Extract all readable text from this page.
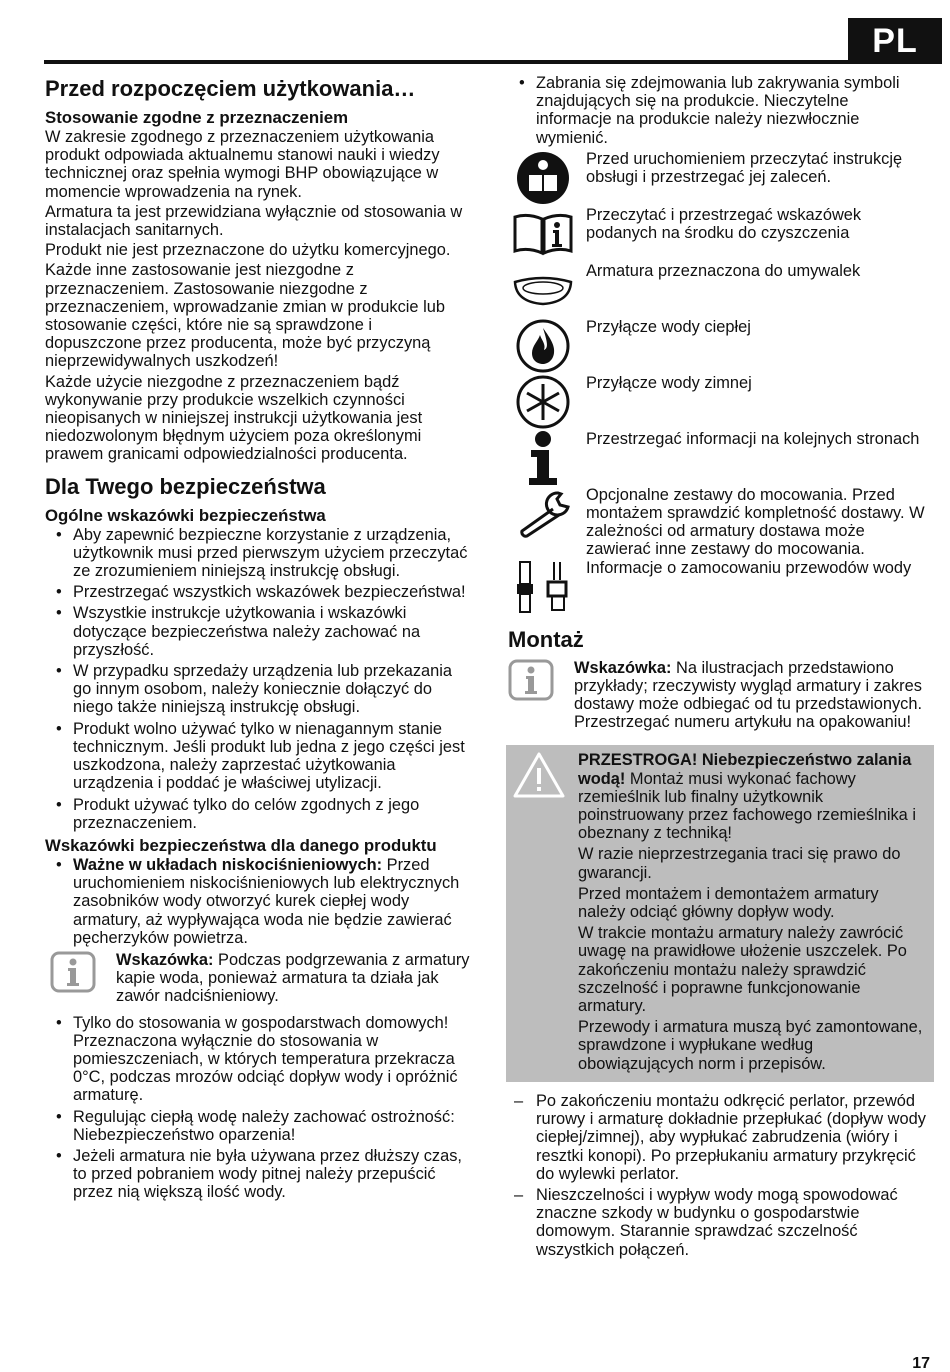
PL
Przed rozpoczęciem użytkowania…
Stosowanie zgodne z przeznaczeniem

W zakresie zgodnego z przeznaczeniem użytkowania produkt odpowiada aktualnemu stanowi nauki i wiedzy technicznej oraz spełnia wymogi BHP obowiązujące w momencie wprowadzenia na rynek.

Armatura ta jest przewidziana wyłącznie od stosowania w instalacjach sanitarnych.

Produkt nie jest przeznaczone do użytku komercyjnego.

Każde inne zastosowanie jest niezgodne z przeznaczeniem. Zastosowanie niezgodne z przeznaczeniem, wprowadzanie zmian w produkcie lub stosowanie części, które nie są sprawdzone i dopuszczone przez producenta, może być przyczyną nieprzewidywalnych uszkodzeń!

Każde użycie niezgodne z przeznaczeniem bądź wykonywanie przy produkcie wszelkich czynności nieopisanych w niniejszej instrukcji użytkowania jest niedozwolonym błędnym użyciem poza określonymi prawem granicami odpowiedzialności producenta.

Dla Twego bezpieczeństwa
Ogólne wskazówki bezpieczeństwa
• Aby zapewnić bezpieczne korzystanie z urządzenia, użytkownik musi przed pierwszym użyciem przeczytać ze zrozumieniem niniejszą instrukcję obsługi.
• Przestrzegać wszystkich wskazówek bezpieczeństwa!
• Wszystkie instrukcje użytkowania i wskazówki dotyczące bezpieczeństwa należy zachować na przyszłość.
• W przypadku sprzedaży urządzenia lub przekazania go innym osobom, należy koniecznie dołączyć do niego także niniejszą instrukcję obsługi.
• Produkt wolno używać tylko w nienagannym stanie technicznym. Jeśli produkt lub jedna z jego części jest uszkodzona, należy zaprzestać użytkowania urządzenia i poddać je właściwej utylizacji.
• Produkt używać tylko do celów zgodnych z jego przeznaczeniem.
Wskazówki bezpieczeństwa dla danego produktu
• Ważne w układach niskociśnieniowych: Przed uruchomieniem niskociśnieniowych lub elektrycznych zasobników wody otworzyć kurek ciepłej wody armatury, aż wypływająca woda nie będzie zawierać pęcherzyków powietrza.
Wskazówka: Podczas podgrzewania z armatury kapie woda, ponieważ armatura ta działa jak zawór nadciśnieniowy.
• Tylko do stosowania w gospodarstwach domowych! Przeznaczona wyłącznie do stosowania w pomieszczeniach, w których temperatura przekracza 0°C, podczas mrozów odciąć dopływ wody i opróżnić armaturę.
• Regulując ciepłą wodę należy zachować ostrożność: Niebezpieczeństwo oparzenia!
• Jeżeli armatura nie była używana przez dłuższy czas, to przed pobraniem wody pitnej należy przepuścić przez nią większą ilość wody.
• Zabrania się zdejmowania lub zakrywania symboli znajdujących się na produkcie. Nieczytelne informacje na produkcie należy niezwłocznie wymienić.
Przed uruchomieniem przeczytać instrukcję obsługi i przestrzegać jej zaleceń.
Przeczytać i przestrzegać wskazówek podanych na środku do czyszczenia
Armatura przeznaczona do umywalek
Przyłącze wody ciepłej
Przyłącze wody zimnej
Przestrzegać informacji na kolejnych stronach
Opcjonalne zestawy do mocowania. Przed montażem sprawdzić kompletność dostawy. W zależności od armatury dostawa może zawierać inne zestawy do mocowania.
Informacje o zamocowaniu przewodów wody
Montaż
Wskazówka: Na ilustracjach przedstawiono przykłady; rzeczywisty wygląd armatury i zakres dostawy może odbiegać od tu przedstawionych. Przestrzegać numeru artykułu na opakowaniu!

PRZESTROGA! Niebezpieczeństwo zalania wodą! Montaż musi wykonać fachowy rzemieślnik lub finalny użytkownik poinstruowany przez fachowego rzemieślnika i obeznany z techniką!

W razie nieprzestrzegania traci się prawo do gwarancji.

Przed montażem i demontażem armatury należy odciąć główny dopływ wody.

W trakcie montażu armatury należy zawrócić uwagę na prawidłowe ułożenie uszczelek. Po zakończeniu montażu należy sprawdzić szczelność i poprawne funkcjonowanie armatury.

Przewody i armatura muszą być zamontowane, sprawdzone i wypłukane według obowiązujących norm i przepisów.

– Po zakończeniu montażu odkręcić perlator, przewód rurowy i armaturę dokładnie przepłukać (dopływ wody ciepłej/zimnej), aby wypłukać zabrudzenia (wióry i resztki konopi). Po przepłukaniu armatury przykręcić do wylewki perlator.
– Nieszczelności i wypływ wody mogą spowodować znaczne szkody w budynku o gospodarstwie domowym. Starannie sprawdzać szczelność wszystkich połączeń.
17
